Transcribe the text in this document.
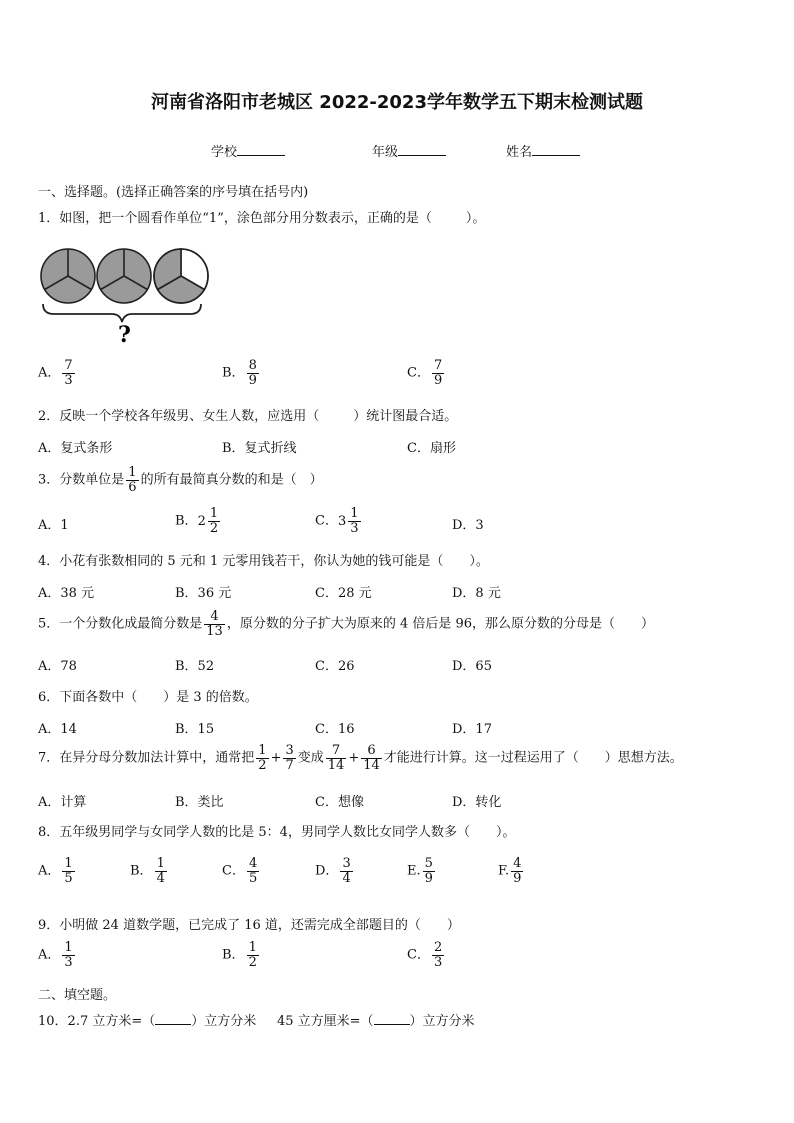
河南省洛阳市老城区 2022-2023学年数学五下期末检测试题
学校	年级	姓名
一、选择题。(选择正确答案的序号填在括号内)
1．如图，把一个圆看作单位“1”，涂色部分用分数表示，正确的是（	）。
?
A． $\frac{7}{3}$	B． $\frac{8}{9}$	C． $\frac{7}{9}$
2．反映一个学校各年级男、女生人数，应选用（	）统计图最合适。
A．复式条形	B．复式折线	C．扇形
3．分数单位是 $\frac{1}{6}$ 的所有最简真分数的和是（　）
A．1	B．$2 \frac{1}{2}$	C．$3 \frac{1}{3}$	D．3
4．小花有张数相同的 5 元和 1 元零用钱若干，你认为她的钱可能是（　　）。
A．38 元	B．36 元	C．28 元	D．8 元
5．一个分数化成最简分数是 $\frac{4}{13}$ ，原分数的分子扩大为原来的 4 倍后是 96，那么原分数的分母是（　　）
A．78	B．52	C．26	D．65
6．下面各数中（　　）是 3 的倍数。
A．14	B．15	C．16	D．17
7．在异分母分数加法计算中，通常把 $\frac{1}{2} + \frac{3}{7}$ 变成 $\frac{7}{14} + \frac{6}{14}$ 才能进行计算。这一过程运用了（　　）思想方法。
A．计算	B．类比	C．想像	D．转化
8．五年级男同学与女同学人数的比是 5：4，男同学人数比女同学人数多（　　）。
A． $\frac{1}{5}$	B． $\frac{1}{4}$	C． $\frac{4}{5}$	D． $\frac{3}{4}$	E. $\frac{5}{9}$	F. $\frac{4}{9}$
9．小明做 24 道数学题，已完成了 16 道，还需完成全部题目的（　　）
A． $\frac{1}{3}$	B． $\frac{1}{2}$	C． $\frac{2}{3}$
二、填空题。
10．2.7 立方米=（	）立方分米 45 立方厘米=（	）立方分米
